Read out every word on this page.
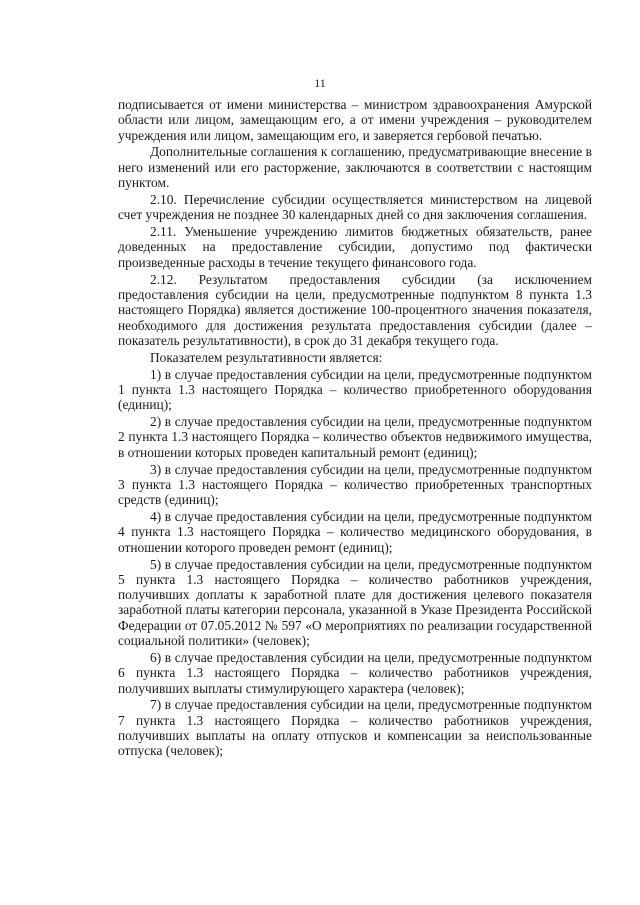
11

подписывается от имени министерства – министром здравоохранения Амурской области или лицом, замещающим его, а от имени учреждения – руководителем учреждения или лицом, замещающим его, и заверяется гербовой печатью.

Дополнительные соглашения к соглашению, предусматривающие внесение в него изменений или его расторжение, заключаются в соответствии с настоящим пунктом.

2.10. Перечисление субсидии осуществляется министерством на лицевой счет учреждения не позднее 30 календарных дней со дня заключения соглашения.

2.11. Уменьшение учреждению лимитов бюджетных обязательств, ранее доведенных на предоставление субсидии, допустимо под фактически произведенные расходы в течение текущего финансового года.

2.12. Результатом предоставления субсидии (за исключением предоставления субсидии на цели, предусмотренные подпунктом 8 пункта 1.3 настоящего Порядка) является достижение 100-процентного значения показателя, необходимого для достижения результата предоставления субсидии (далее – показатель результативности), в срок до 31 декабря текущего года.

Показателем результативности является:

1) в случае предоставления субсидии на цели, предусмотренные подпунктом 1 пункта 1.3 настоящего Порядка – количество приобретенного оборудования (единиц);

2) в случае предоставления субсидии на цели, предусмотренные подпунктом 2 пункта 1.3 настоящего Порядка – количество объектов недвижимого имущества, в отношении которых проведен капитальный ремонт (единиц);

3) в случае предоставления субсидии на цели, предусмотренные подпунктом 3 пункта 1.3 настоящего Порядка – количество приобретенных транспортных средств (единиц);

4) в случае предоставления субсидии на цели, предусмотренные подпунктом 4 пункта 1.3 настоящего Порядка – количество медицинского оборудования, в отношении которого проведен ремонт (единиц);

5) в случае предоставления субсидии на цели, предусмотренные подпунктом 5 пункта 1.3 настоящего Порядка – количество работников учреждения, получивших доплаты к заработной плате для достижения целевого показателя заработной платы категории персонала, указанной в Указе Президента Российской Федерации от 07.05.2012 № 597 «О мероприятиях по реализации государственной социальной политики» (человек);

6) в случае предоставления субсидии на цели, предусмотренные подпунктом 6 пункта 1.3 настоящего Порядка – количество работников учреждения, получивших выплаты стимулирующего характера (человек);

7) в случае предоставления субсидии на цели, предусмотренные подпунктом 7 пункта 1.3 настоящего Порядка – количество работников учреждения, получивших выплаты на оплату отпусков и компенсации за неиспользованные отпуска (человек);
